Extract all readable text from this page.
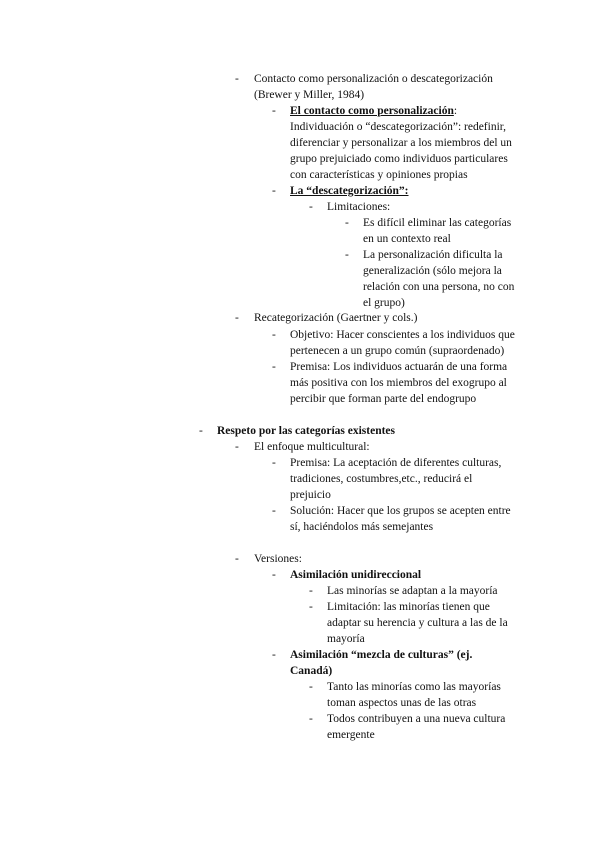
-
-
-
-
-
-
-
-
-
-
-
-
-
-
-
-
-
-
-
-
Contacto como personalización o descategorización
(Brewer y Miller, 1984)
El contacto como personalización:
Individuación o “descategorización”: redefinir,
diferenciar y personalizar a los miembros del un
grupo prejuiciado como individuos particulares
con características y opiniones propias
La “descategorización”:
Limitaciones:
Es difícil eliminar las categorías
en un contexto real
La personalización dificulta la
generalización (sólo mejora la
relación con una persona, no con
el grupo)
Recategorización (Gaertner y cols.)
Objetivo: Hacer conscientes a los individuos que
pertenecen a un grupo común (supraordenado)
Premisa: Los individuos actuarán de una forma
más positiva con los miembros del exogrupo al
percibir que forman parte del endogrupo
Respeto por las categorías existentes
El enfoque multicultural:
Premisa: La aceptación de diferentes culturas,
tradiciones, costumbres,etc., reducirá el
prejuicio
Solución: Hacer que los grupos se acepten entre
sí, haciéndolos más semejantes
Versiones:
Asimilación unidireccional
Las minorías se adaptan a la mayoría
Limitación: las minorías tienen que
adaptar su herencia y cultura a las de la
mayoría
Asimilación “mezcla de culturas” (ej.
Canadá)
Tanto las minorías como las mayorías
toman aspectos unas de las otras
Todos contribuyen a una nueva cultura
emergente
